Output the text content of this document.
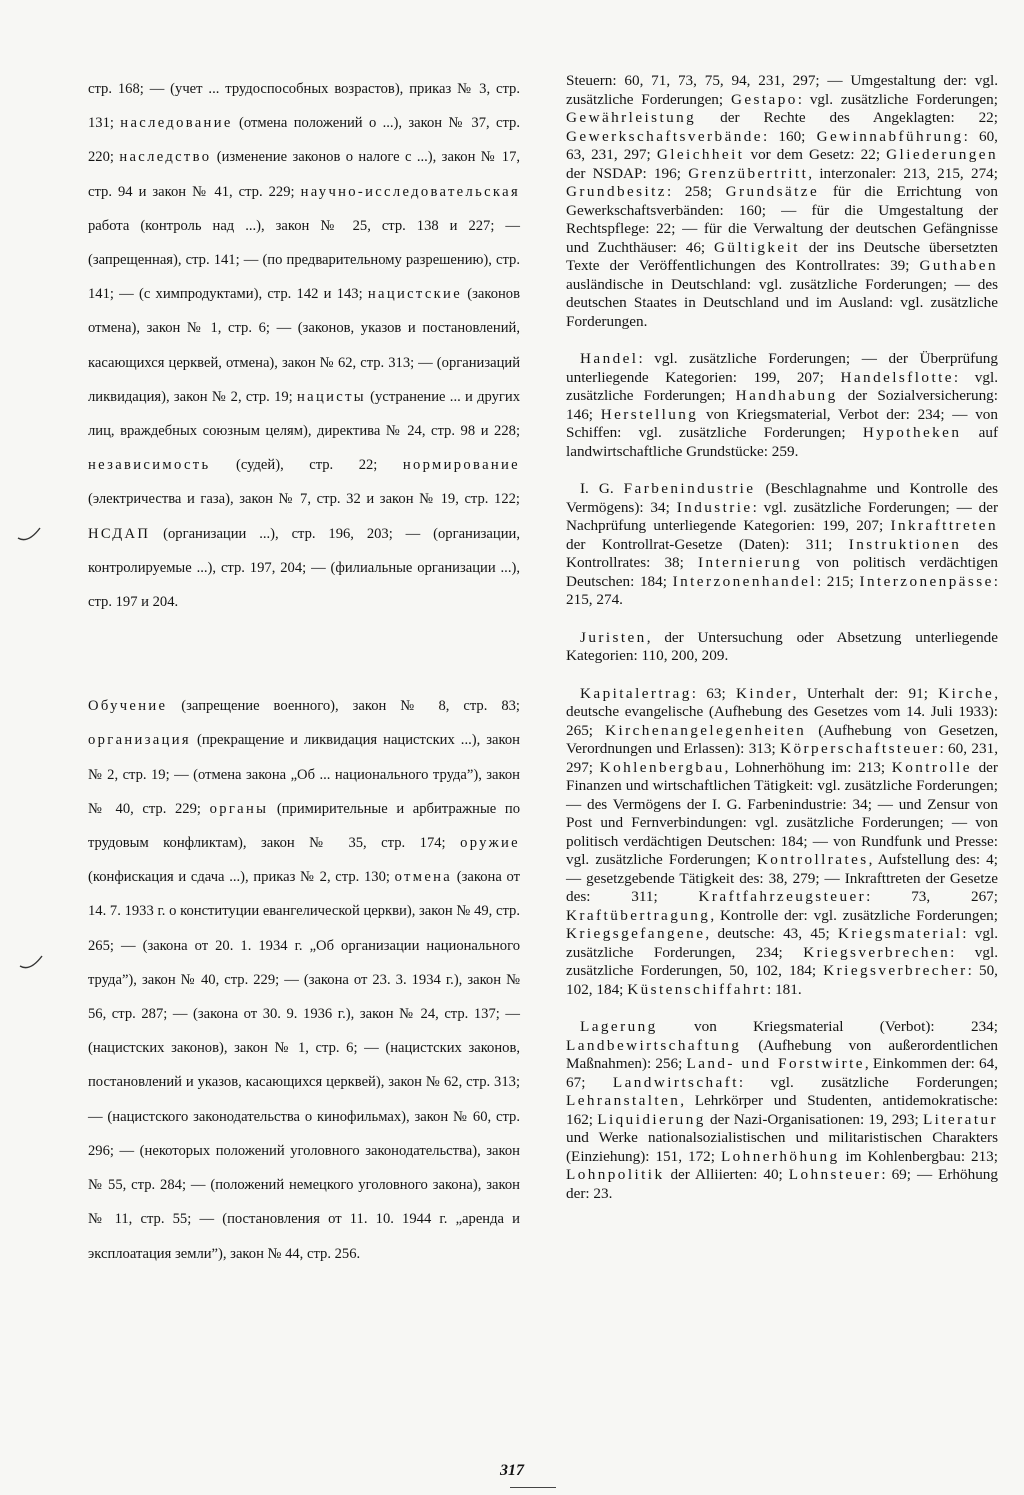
стр. 168; — (учет ... трудоспособных возрастов), приказ № 3, стр. 131; наследование (отмена положений о ...), закон № 37, стр. 220; наследство (изменение законов о налоге с ...), закон № 17, стр. 94 и закон № 41, стр. 229; научно-исследовательская работа (контроль над ...), закон № 25, стр. 138 и 227; — (запрещенная), стр. 141; — (по предварительному разрешению), стр. 141; — (с химпродуктами), стр. 142 и 143; нацистские (законов отмена), закон № 1, стр. 6; — (законов, указов и постановлений, касающихся церквей, отмена), закон № 62, стр. 313; — (организаций ликвидация), закон № 2, стр. 19; нацисты (устранение ... и других лиц, враждебных союзным целям), директива № 24, стр. 98 и 228; независимость (судей), стр. 22; нормирование (электричества и газа), закон № 7, стр. 32 и закон № 19, стр. 122; НСДАП (организации ...), стр. 196, 203; — (организации, контролируемые ...), стр. 197, 204; — (филиальные организации ...), стр. 197 и 204.

Обучение (запрещение военного), закон № 8, стр. 83; организация (прекращение и ликвидация нацистских ...), закон № 2, стр. 19; — (отмена закона „Об ... национального труда”), закон № 40, стр. 229; органы (примирительные и арбитражные по трудовым конфликтам), закон № 35, стр. 174; оружие (конфискация и сдача ...), приказ № 2, стр. 130; отмена (закона от 14. 7. 1933 г. о конституции евангелической церкви), закон № 49, стр. 265; — (закона от 20. 1. 1934 г. „Об организации национального труда”), закон № 40, стр. 229; — (закона от 23. 3. 1934 г.), закон № 56, стр. 287; — (закона от 30. 9. 1936 г.), закон № 24, стр. 137; — (нацистских законов), закон № 1, стр. 6; — (нацистских законов, постановлений и указов, касающихся церквей), закон № 62, стр. 313; — (нацистского законодательства о кинофильмах), закон № 60, стр. 296; — (некоторых положений уголовного законодательства), закон № 55, стр. 284; — (положений немецкого уголовного закона), закон № 11, стр. 55; — (постановления от 11. 10. 1944 г. „аренда и эксплоатация земли”), закон № 44, стр. 256.

Steuern: 60, 71, 73, 75, 94, 231, 297; — Umgestaltung der: vgl. zusätzliche Forderungen; Gestapo: vgl. zusätzliche Forderungen; Gewährleistung der Rechte des Angeklagten: 22; Gewerkschaftsverbände: 160; Gewinnabführung: 60, 63, 231, 297; Gleichheit vor dem Gesetz: 22; Gliederungen der NSDAP: 196; Grenzübertritt, interzonaler: 213, 215, 274; Grundbesitz: 258; Grundsätze für die Errichtung von Gewerkschaftsverbänden: 160; — für die Umgestaltung der Rechtspflege: 22; — für die Verwaltung der deutschen Gefängnisse und Zuchthäuser: 46; Gültigkeit der ins Deutsche übersetzten Texte der Veröffentlichungen des Kontrollrates: 39; Guthaben ausländische in Deutschland: vgl. zusätzliche Forderungen; — des deutschen Staates in Deutschland und im Ausland: vgl. zusätzliche Forderungen.

Handel: vgl. zusätzliche Forderungen; — der Überprüfung unterliegende Kategorien: 199, 207; Handelsflotte: vgl. zusätzliche Forderungen; Handhabung der Sozialversicherung: 146; Herstellung von Kriegsmaterial, Verbot der: 234; — von Schiffen: vgl. zusätzliche Forderungen; Hypotheken auf landwirtschaftliche Grundstücke: 259.

I. G. Farbenindustrie (Beschlagnahme und Kontrolle des Vermögens): 34; Industrie: vgl. zusätzliche Forderungen; — der Nachprüfung unterliegende Kategorien: 199, 207; Inkrafttreten der Kontrollrat-Gesetze (Daten): 311; Instruktionen des Kontrollrates: 38; Internierung von politisch verdächtigen Deutschen: 184; Interzonenhandel: 215; Interzonenpässe: 215, 274.

Juristen, der Untersuchung oder Absetzung unterliegende Kategorien: 110, 200, 209.

Kapitalertrag: 63; Kinder, Unterhalt der: 91; Kirche, deutsche evangelische (Aufhebung des Gesetzes vom 14. Juli 1933): 265; Kirchenangelegenheiten (Aufhebung von Gesetzen, Verordnungen und Erlassen): 313; Körperschaftsteuer: 60, 231, 297; Kohlenbergbau, Lohnerhöhung im: 213; Kontrolle der Finanzen und wirtschaftlichen Tätigkeit: vgl. zusätzliche Forderungen; — des Vermögens der I. G. Farbenindustrie: 34; — und Zensur von Post und Fernverbindungen: vgl. zusätzliche Forderungen; — von politisch verdächtigen Deutschen: 184; — von Rundfunk und Presse: vgl. zusätzliche Forderungen; Kontrollrates, Aufstellung des: 4; — gesetzgebende Tätigkeit des: 38, 279; — Inkrafttreten der Gesetze des: 311; Kraftfahrzeugsteuer: 73, 267; Kraftübertragung, Kontrolle der: vgl. zusätzliche Forderungen; Kriegsgefangene, deutsche: 43, 45; Kriegsmaterial: vgl. zusätzliche Forderungen, 234; Kriegsverbrechen: vgl. zusätzliche Forderungen, 50, 102, 184; Kriegsverbrecher: 50, 102, 184; Küstenschiffahrt: 181.

Lagerung von Kriegsmaterial (Verbot): 234; Landbewirtschaftung (Aufhebung von außerordentlichen Maßnahmen): 256; Land- und Forstwirte, Einkommen der: 64, 67; Landwirtschaft: vgl. zusätzliche Forderungen; Lehranstalten, Lehrkörper und Studenten, antidemokratische: 162; Liquidierung der Nazi-Organisationen: 19, 293; Literatur und Werke nationalsozialistischen und militaristischen Charakters (Einziehung): 151, 172; Lohnerhöhung im Kohlenbergbau: 213; Lohnpolitik der Alliierten: 40; Lohnsteuer: 69; — Erhöhung der: 23.

317
